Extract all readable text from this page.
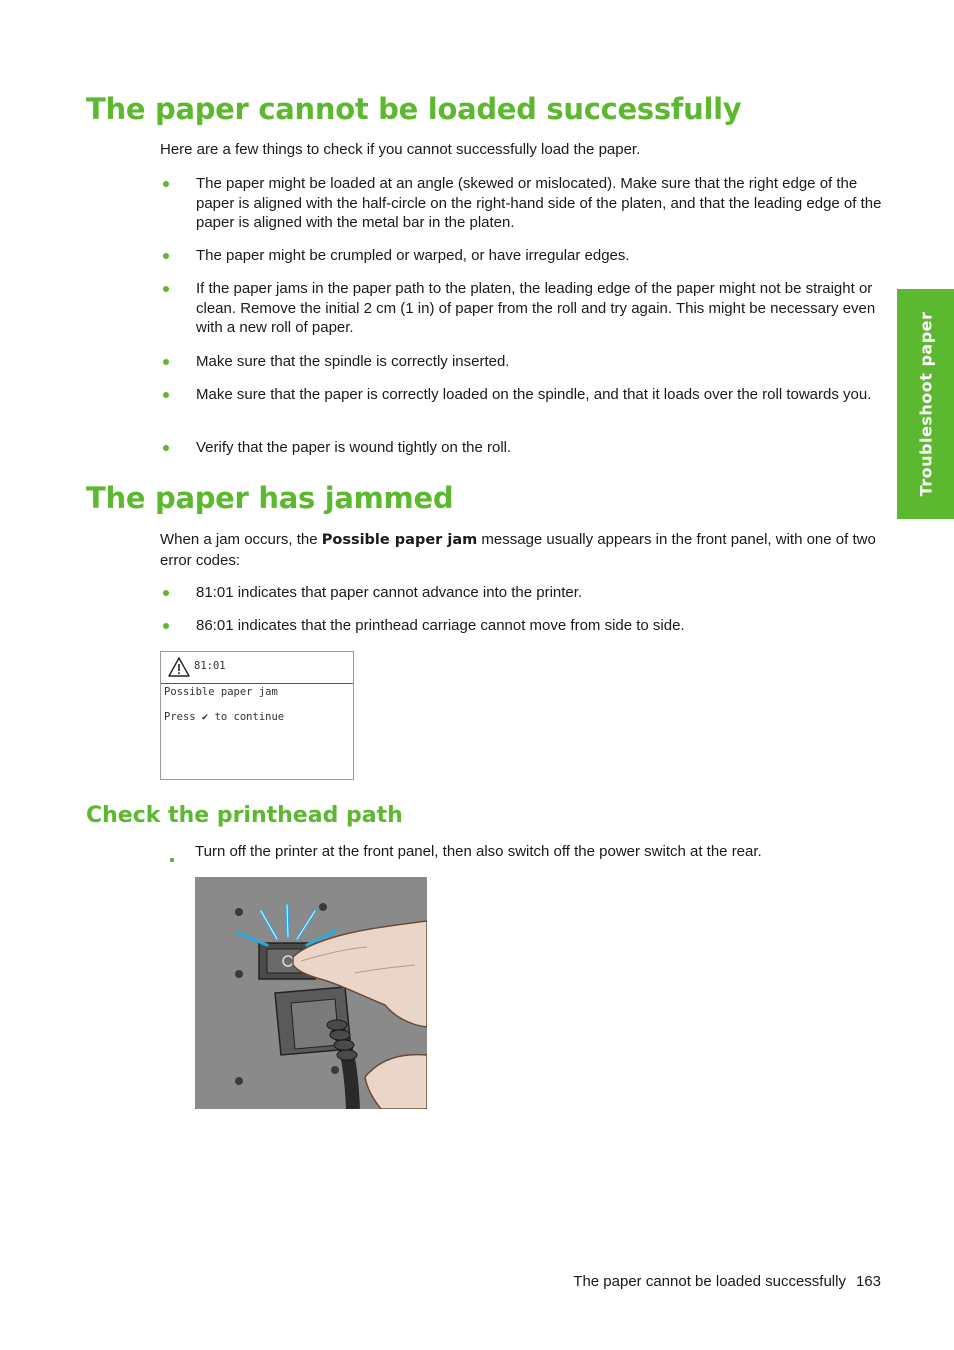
Troubleshoot paper
The paper cannot be loaded successfully

Here are a few things to check if you cannot successfully load the paper.

The paper might be loaded at an angle (skewed or mislocated). Make sure that the right edge of the paper is aligned with the half-circle on the right-hand side of the platen, and that the leading edge of the paper is aligned with the metal bar in the platen.
The paper might be crumpled or warped, or have irregular edges.
If the paper jams in the paper path to the platen, the leading edge of the paper might not be straight or clean. Remove the initial 2 cm (1 in) of paper from the roll and try again. This might be necessary even with a new roll of paper.
Make sure that the spindle is correctly inserted.
Make sure that the paper is correctly loaded on the spindle, and that it loads over the roll towards you.
Verify that the paper is wound tightly on the roll.
The paper has jammed

When a jam occurs, the Possible paper jam message usually appears in the front panel, with one of two error codes:

81:01 indicates that paper cannot advance into the printer.
86:01 indicates that the printhead carriage cannot move from side to side.
81:01
Possible paper jam
Press ✔ to continue
Check the printhead path

Turn off the printer at the front panel, then also switch off the power switch at the rear.

The paper cannot be loaded successfully 163
